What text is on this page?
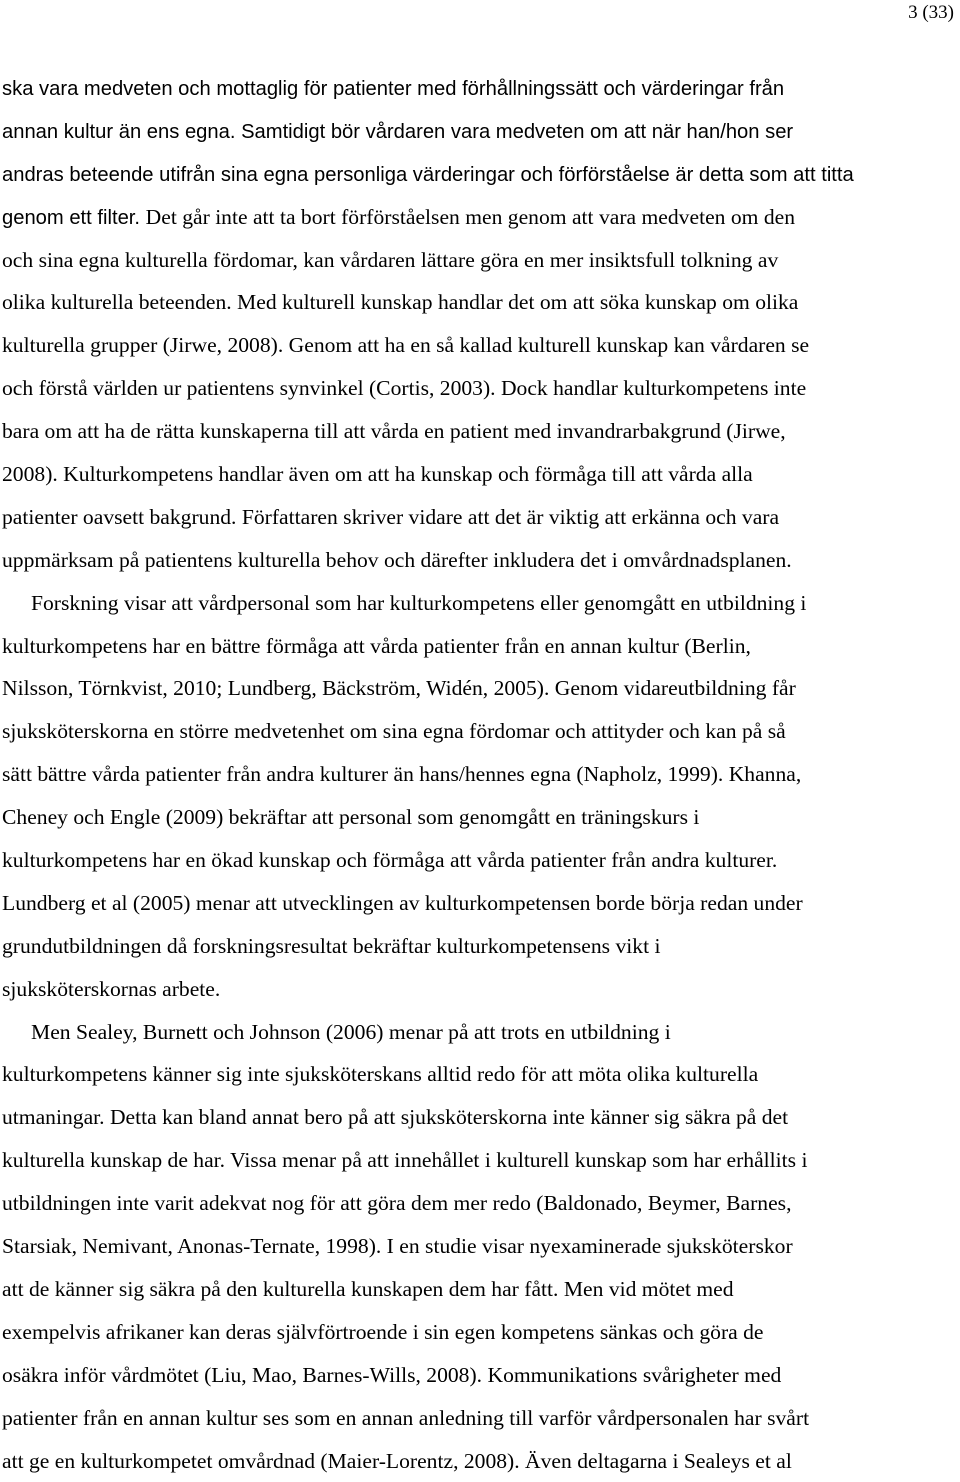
3 (33)
ska vara medveten och mottaglig för patienter med förhållningssätt och värderingar från
annan kultur än ens egna. Samtidigt bör vårdaren vara medveten om att när han/hon ser
andras beteende utifrån sina egna personliga värderingar och förförståelse är detta som att titta
genom ett filter. Det går inte att ta bort förförståelsen men genom att vara medveten om den
och sina egna kulturella fördomar, kan vårdaren lättare göra en mer insiktsfull tolkning av
olika kulturella beteenden. Med kulturell kunskap handlar det om att söka kunskap om olika
kulturella grupper (Jirwe, 2008). Genom att ha en så kallad kulturell kunskap kan vårdaren se
och förstå världen ur patientens synvinkel (Cortis, 2003). Dock handlar kulturkompetens inte
bara om att ha de rätta kunskaperna till att vårda en patient med invandrarbakgrund (Jirwe,
2008). Kulturkompetens handlar även om att ha kunskap och förmåga till att vårda alla
patienter oavsett bakgrund. Författaren skriver vidare att det är viktig att erkänna och vara
uppmärksam på patientens kulturella behov och därefter inkludera det i omvårdnadsplanen.
Forskning visar att vårdpersonal som har kulturkompetens eller genomgått en utbildning i
kulturkompetens har en bättre förmåga att vårda patienter från en annan kultur (Berlin,
Nilsson, Törnkvist, 2010; Lundberg, Bäckström, Widén, 2005). Genom vidareutbildning får
sjuksköterskorna en större medvetenhet om sina egna fördomar och attityder och kan på så
sätt bättre vårda patienter från andra kulturer än hans/hennes egna (Napholz, 1999). Khanna,
Cheney och Engle (2009) bekräftar att personal som genomgått en träningskurs i
kulturkompetens har en ökad kunskap och förmåga att vårda patienter från andra kulturer.
Lundberg et al (2005) menar att utvecklingen av kulturkompetensen borde börja redan under
grundutbildningen då forskningsresultat bekräftar kulturkompetensens vikt i
sjuksköterskornas arbete.
Men Sealey, Burnett och Johnson (2006) menar på att trots en utbildning i
kulturkompetens känner sig inte sjuksköterskans alltid redo för att möta olika kulturella
utmaningar. Detta kan bland annat bero på att sjuksköterskorna inte känner sig säkra på det
kulturella kunskap de har. Vissa menar på att innehållet i kulturell kunskap som har erhållits i
utbildningen inte varit adekvat nog för att göra dem mer redo (Baldonado, Beymer, Barnes,
Starsiak, Nemivant, Anonas-Ternate, 1998). I en studie visar nyexaminerade sjuksköterskor
att de känner sig säkra på den kulturella kunskapen dem har fått. Men vid mötet med
exempelvis afrikaner kan deras självförtroende i sin egen kompetens sänkas och göra de
osäkra inför vårdmötet (Liu, Mao, Barnes-Wills, 2008). Kommunikations svårigheter med
patienter från en annan kultur ses som en annan anledning till varför vårdpersonalen har svårt
att ge en kulturkompetet omvårdnad (Maier-Lorentz, 2008). Även deltagarna i Sealeys et al
